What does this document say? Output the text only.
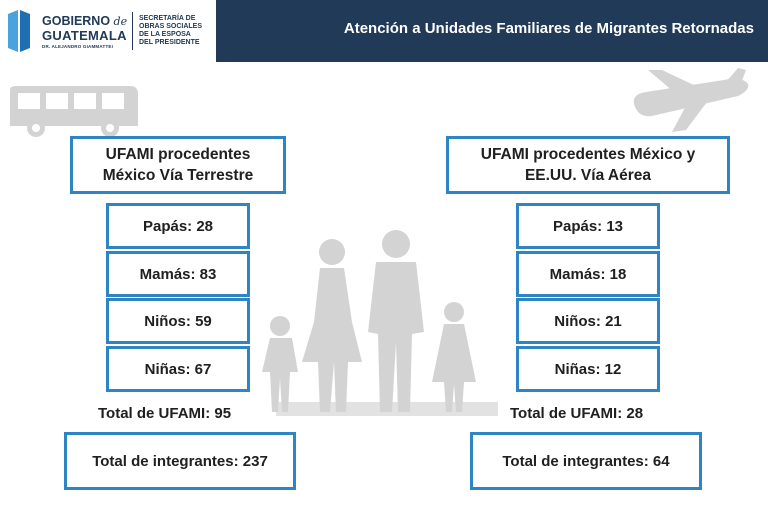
GOBIERNO de
GUATEMALA
DR. ALEJANDRO GIAMMATTEI
SECRETARÍA DE
OBRAS SOCIALES
DE LA ESPOSA
DEL PRESIDENTE
Atención a Unidades Familiares de Migrantes Retornadas
UFAMI procedentes
México Vía Terrestre
Papás: 28
Mamás: 83
Niños: 59
Niñas: 67
Total de UFAMI: 95
Total de integrantes: 237
UFAMI procedentes México y
EE.UU. Vía Aérea
Papás: 13
Mamás: 18
Niños: 21
Niñas: 12
Total de UFAMI: 28
Total de integrantes: 64
